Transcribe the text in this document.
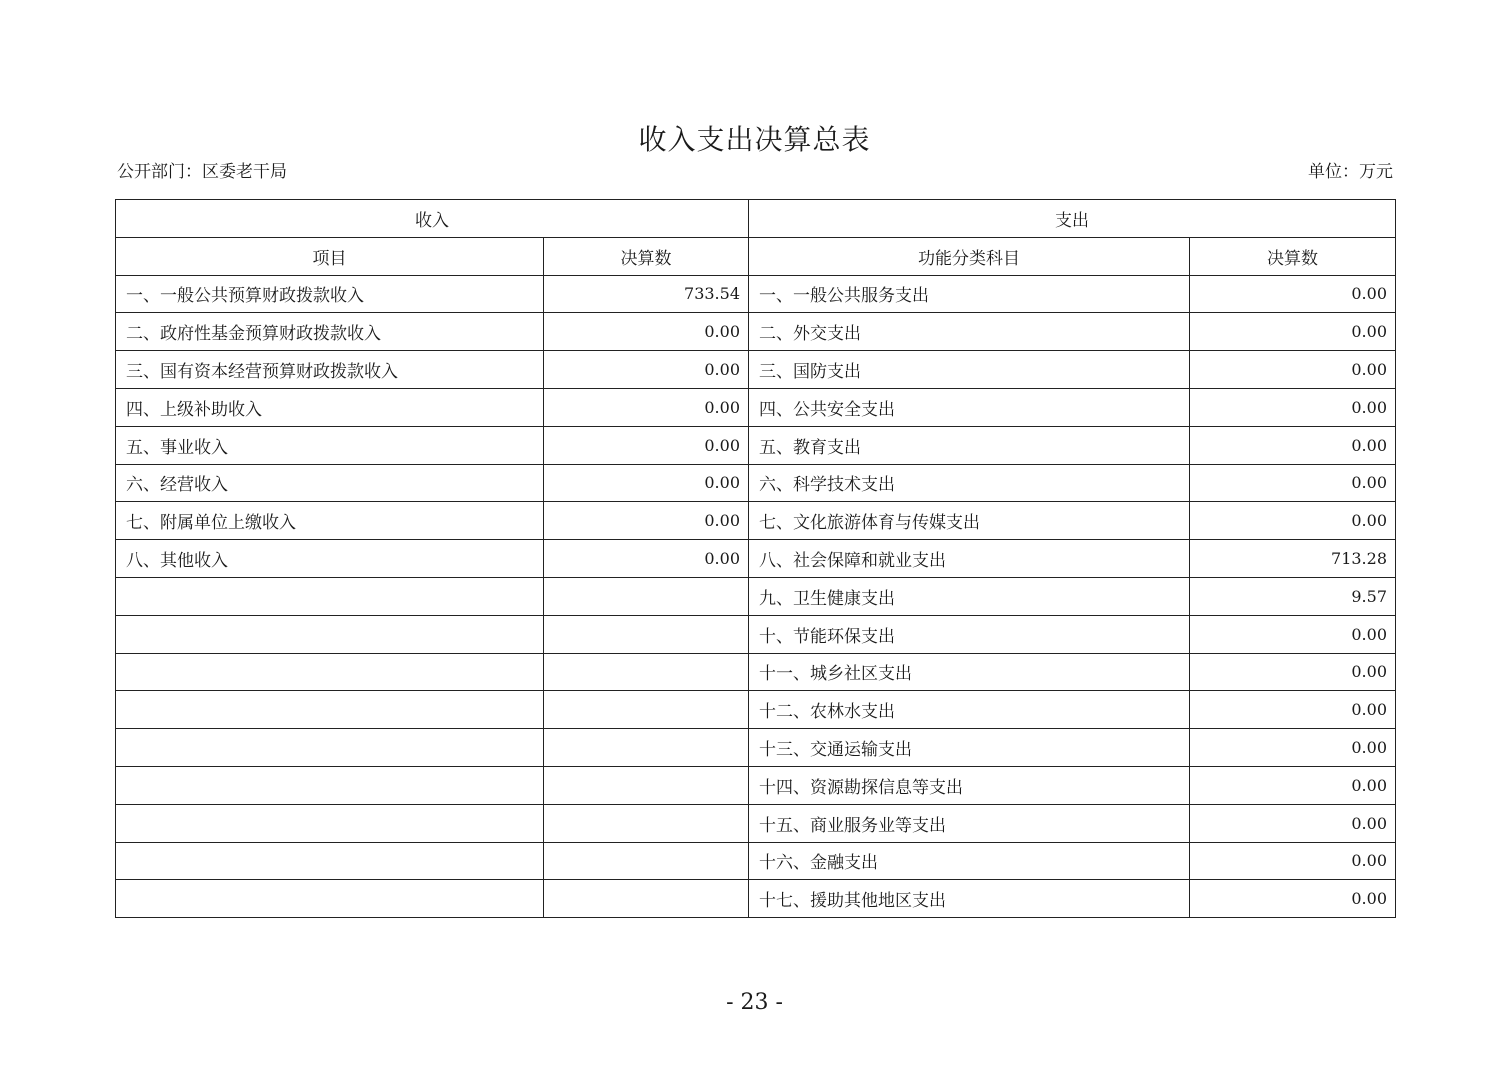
收入支出决算总表
公开部门：区委老干局	单位：万元
收入		支出	
项目	决算数	功能分类科目	决算数
一、一般公共预算财政拨款收入	733.54	一、一般公共服务支出	0.00
二、政府性基金预算财政拨款收入	0.00	二、外交支出	0.00
三、国有资本经营预算财政拨款收入	0.00	三、国防支出	0.00
四、上级补助收入	0.00	四、公共安全支出	0.00
五、事业收入	0.00	五、教育支出	0.00
六、经营收入	0.00	六、科学技术支出	0.00
七、附属单位上缴收入	0.00	七、文化旅游体育与传媒支出	0.00
八、其他收入	0.00	八、社会保障和就业支出	713.28
		九、卫生健康支出	9.57
		十、节能环保支出	0.00
		十一、城乡社区支出	0.00
		十二、农林水支出	0.00
		十三、交通运输支出	0.00
		十四、资源勘探信息等支出	0.00
		十五、商业服务业等支出	0.00
		十六、金融支出	0.00
		十七、援助其他地区支出	0.00
- 23 -
